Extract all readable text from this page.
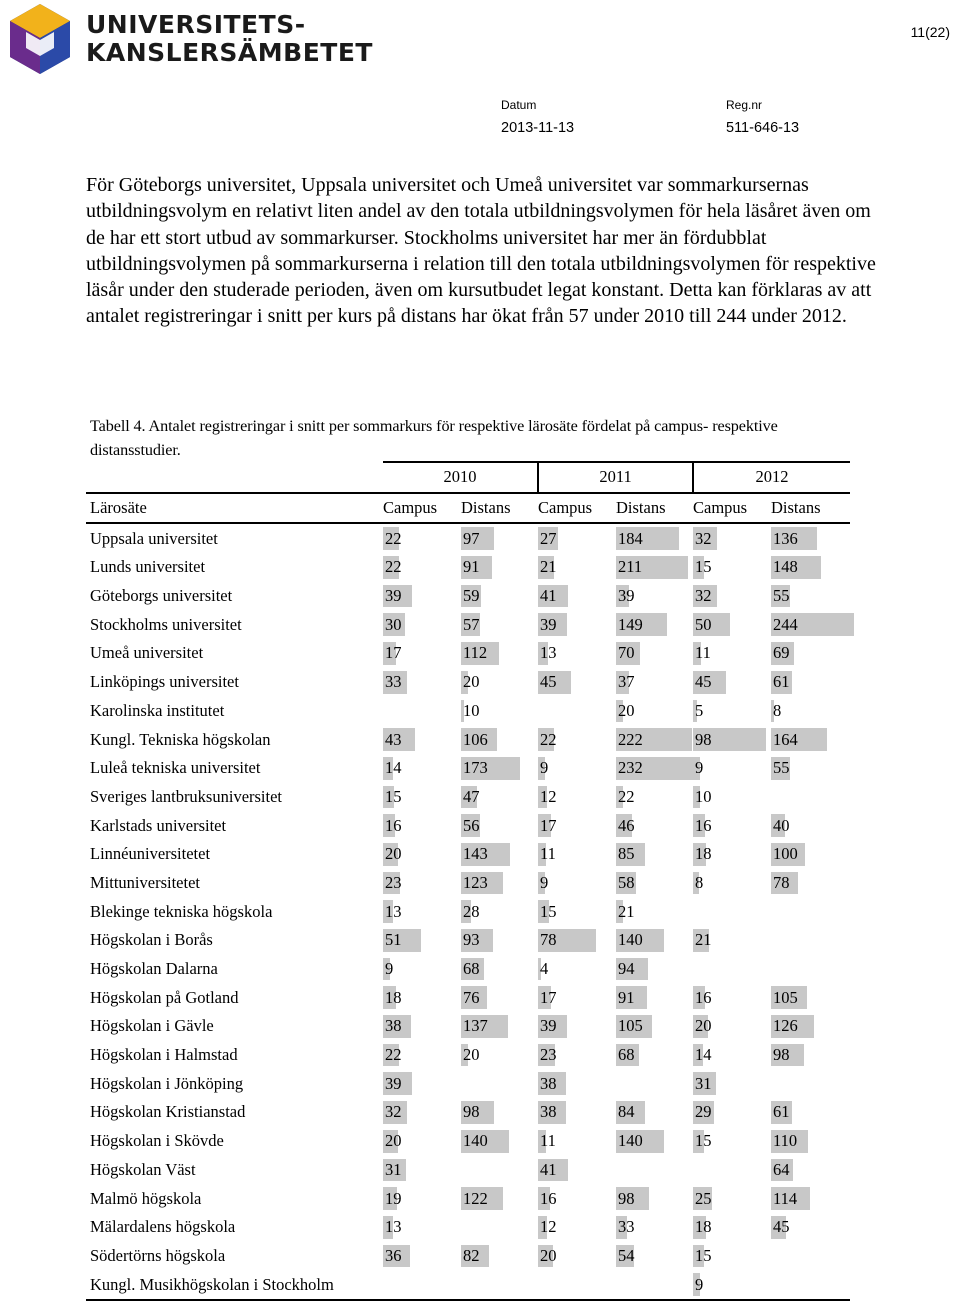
UNIVERSITETS-
KANSLERSÄMBETET
11(22)
Datum
2013-11-13
Reg.nr
511-646-13

För Göteborgs universitet, Uppsala universitet och Umeå universitet var sommarkursernas utbildningsvolym en relativt liten andel av den totala utbildningsvolymen för hela läsåret även om de har ett stort utbud av sommarkurser. Stockholms universitet har mer än fördubblat utbildningsvolymen på sommarkurserna i relation till den totala utbildningsvolymen för respektive läsår under den studerade perioden, även om kursutbudet legat konstant. Detta kan förklaras av att antalet registreringar i snitt per kurs på distans har ökat från 57 under 2010 till 244 under 2012.

Tabell 4. Antalet registreringar i snitt per sommarkurs för respektive lärosäte fördelat på campus- respektive distansstudier.

	2010		2011		2012	
Lärosäte	Campus	Distans	Campus	Distans	Campus	Distans
Uppsala universitet	22	97	27	184	32	136
Lunds universitet	22	91	21	211	15	148
Göteborgs universitet	39	59	41	39	32	55
Stockholms universitet	30	57	39	149	50	244
Umeå universitet	17	112	13	70	11	69
Linköpings universitet	33	20	45	37	45	61
Karolinska institutet		10		20	5	8
Kungl. Tekniska högskolan	43	106	22	222	98	164
Luleå tekniska universitet	14	173	9	232	9	55
Sveriges lantbruksuniversitet	15	47	12	22	10	
Karlstads universitet	16	56	17	46	16	40
Linnéuniversitetet	20	143	11	85	18	100
Mittuniversitetet	23	123	9	58	8	78
Blekinge tekniska högskola	13	28	15	21		
Högskolan i Borås	51	93	78	140	21	
Högskolan Dalarna	9	68	4	94		
Högskolan på Gotland	18	76	17	91	16	105
Högskolan i Gävle	38	137	39	105	20	126
Högskolan i Halmstad	22	20	23	68	14	98
Högskolan i Jönköping	39		38		31	
Högskolan Kristianstad	32	98	38	84	29	61
Högskolan i Skövde	20	140	11	140	15	110
Högskolan Väst	31		41			64
Malmö högskola	19	122	16	98	25	114
Mälardalens högskola	13		12	33	18	45
Södertörns högskola	36	82	20	54	15	
Kungl. Musikhögskolan i Stockholm					9	
